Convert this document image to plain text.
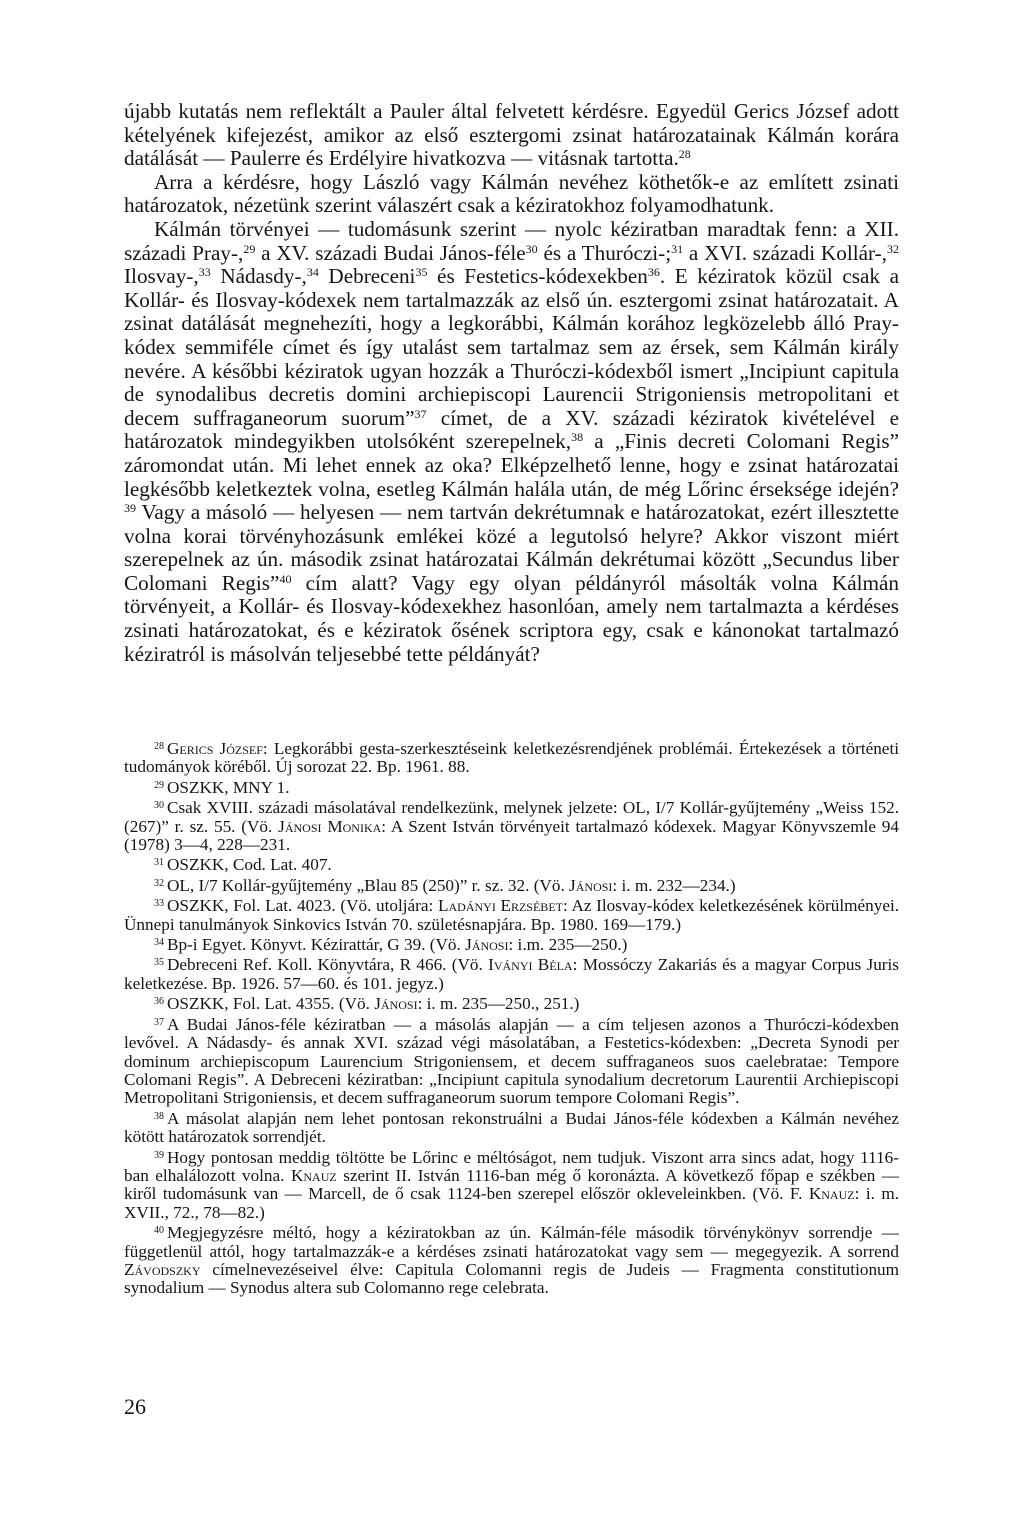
újabb kutatás nem reflektált a Pauler által felvetett kérdésre. Egyedül Gerics József adott kételyének kifejezést, amikor az első esztergomi zsinat határozatainak Kálmán korára datálását — Paulerre és Erdélyire hivatkozva — vitásnak tartotta.$^{28}$

Arra a kérdésre, hogy László vagy Kálmán nevéhez köthetők-e az említett zsinati határozatok, nézetünk szerint válaszért csak a kéziratokhoz folyamodhatunk.

Kálmán törvényei — tudomásunk szerint — nyolc kéziratban maradtak fenn: a XII. századi Pray-,$^{29}$ a XV. századi Budai János-féle$^{30}$ és a Thuróczi-;$^{31}$ a XVI. századi Kollár-,$^{32}$ Ilosvay-,$^{33}$ Nádasdy-,$^{34}$ Debreceni$^{35}$ és Festetics-kódexekben$^{36}$. E kéziratok közül csak a Kollár- és Ilosvay-kódexek nem tartalmazzák az első ún. esztergomi zsinat határozatait. A zsinat datálását megnehezíti, hogy a legkorábbi, Kálmán korához legközelebb álló Pray-kódex semmiféle címet és így utalást sem tartalmaz sem az érsek, sem Kálmán király nevére. A későbbi kéziratok ugyan hozzák a Thuróczi-kódexből ismert „Incipiunt capitula de synodalibus decretis domini archiepiscopi Laurencii Strigoniensis metropolitani et decem suffraganeorum suorum”$^{37}$ címet, de a XV. századi kéziratok kivételével e határozatok mindegyikben utolsóként szerepelnek,$^{38}$ a „Finis decreti Colomani Regis” záromondat után. Mi lehet ennek az oka? Elképzelhető lenne, hogy e zsinat határozatai legkésőbb keletkeztek volna, esetleg Kálmán halála után, de még Lőrinc érseksége idején?$^{39}$ Vagy a másoló — helyesen — nem tartván dekrétumnak e határozatokat, ezért illesztette volna korai törvényhozásunk emlékei közé a legutolsó helyre? Akkor viszont miért szerepelnek az ún. második zsinat határozatai Kálmán dekrétumai között „Secundus liber Colomani Regis”$^{40}$ cím alatt? Vagy egy olyan példányról másolták volna Kálmán törvényeit, a Kollár- és Ilosvay-kódexekhez hasonlóan, amely nem tartalmazta a kérdéses zsinati határozatokat, és e kéziratok ősének scriptora egy, csak e kánonokat tartalmazó kéziratról is másolván teljesebbé tette példányát?

$^{28}$ Gerics József: Legkorábbi gesta-szerkesztéseink keletkezésrendjének problémái. Értekezések a történeti tudományok köréből. Új sorozat 22. Bp. 1961. 88.

$^{29}$ OSZKK, MNY 1.

$^{30}$ Csak XVIII. századi másolatával rendelkezünk, melynek jelzete: OL, I/7 Kollár-gyűjtemény „Weiss 152. (267)” r. sz. 55. (Vö. Jánosi Monika: A Szent István törvényeit tartalmazó kódexek. Magyar Könyvszemle 94 (1978) 3—4, 228—231.

$^{31}$ OSZKK, Cod. Lat. 407.

$^{32}$ OL, I/7 Kollár-gyűjtemény „Blau 85 (250)” r. sz. 32. (Vö. Jánosi: i. m. 232—234.)

$^{33}$ OSZKK, Fol. Lat. 4023. (Vö. utoljára: Ladányi Erzsébet: Az Ilosvay-kódex keletkezésének körülményei. Ünnepi tanulmányok Sinkovics István 70. születésnapjára. Bp. 1980. 169—179.)

$^{34}$ Bp-i Egyet. Könyvt. Kézirattár, G 39. (Vö. Jánosi: i.m. 235—250.)

$^{35}$ Debreceni Ref. Koll. Könyvtára, R 466. (Vö. Iványi Béla: Mossóczy Zakariás és a magyar Corpus Juris keletkezése. Bp. 1926. 57—60. és 101. jegyz.)

$^{36}$ OSZKK, Fol. Lat. 4355. (Vö. Jánosi: i. m. 235—250., 251.)

$^{37}$ A Budai János-féle kéziratban — a másolás alapján — a cím teljesen azonos a Thuróczi-kódexben levővel. A Nádasdy- és annak XVI. század végi másolatában, a Festetics-kódexben: „Decreta Synodi per dominum archiepiscopum Laurencium Strigoniensem, et decem suffraganeos suos caelebratae: Tempore Colomani Regis”. A Debreceni kéziratban: „Incipiunt capitula synodalium decretorum Laurentii Archiepiscopi Metropolitani Strigoniensis, et decem suffraganeorum suorum tempore Colomani Regis”.

$^{38}$ A másolat alapján nem lehet pontosan rekonstruálni a Budai János-féle kódexben a Kálmán nevéhez kötött határozatok sorrendjét.

$^{39}$ Hogy pontosan meddig töltötte be Lőrinc e méltóságot, nem tudjuk. Viszont arra sincs adat, hogy 1116-ban elhalálozott volna. Knauz szerint II. István 1116-ban még ő koronázta. A következő főpap e székben — kiről tudomásunk van — Marcell, de ő csak 1124-ben szerepel először okleveleinkben. (Vö. F. Knauz: i. m. XVII., 72., 78—82.)

$^{40}$ Megjegyzésre méltó, hogy a kéziratokban az ún. Kálmán-féle második törvénykönyv sorrendje — függetlenül attól, hogy tartalmazzák-e a kérdéses zsinati határozatokat vagy sem — megegyezik. A sorrend Závodszky címelnevezéseivel élve: Capitula Colomanni regis de Judeis — Fragmenta constitutionum synodalium — Synodus altera sub Colomanno rege celebrata.

26
